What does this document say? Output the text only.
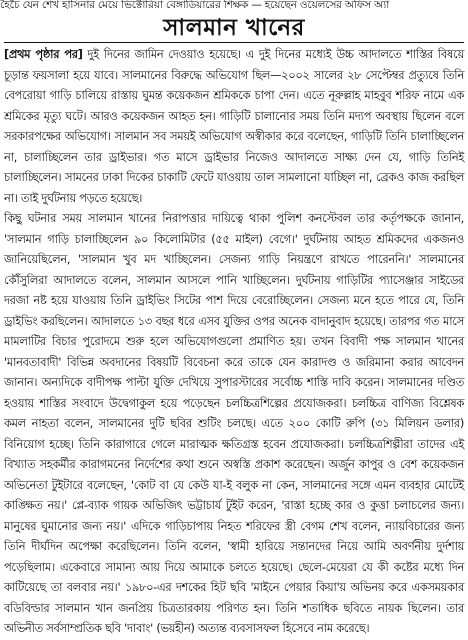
হৈচৈ যেন শেখ হাসিনার মেয়ে ভিক্টোরিয়া বেঙ্গাডিয়ারের শিক্ষক — হয়েছেন ওয়েলসের অফিস অ্যা
সালমান খানের

[প্রথম পৃষ্ঠার পর] দুই দিনের জামিন দেওয়াও হয়েছে। এ দুই দিনের মধ্যেই উচ্চ আদালতে শাস্তির বিষয়ে চূড়ান্ত ফয়সালা হয়ে যাবে। সালমানের বিরুদ্ধে অভিযোগ ছিল—২০০২ সালের ২৮ সেপ্টেম্বর প্রত্যুষে তিনি বেপরোয়া গাড়ি চালিয়ে রাস্তায় ঘুমন্ত কয়েকজন শ্রমিককে চাপা দেন। এতে নূরুল্লাহ মাহবুব শরিফ নামে এক শ্রমিকের মৃত্যু ঘটে। আরও কয়েকজন আহত হন। গাড়িটি চালানোর সময় তিনি মদ্যপ অবস্থায় ছিলেন বলে সরকারপক্ষের অভিযোগ। সালমান সব সময়ই অভিযোগ অস্বীকার করে বলেছেন, গাড়িটি তিনি চালাচ্ছিলেন না, চালাচ্ছিলেন তার ড্রাইভার। গত মাসে ড্রাইভার নিজেও আদালতে সাক্ষ্য দেন যে, গাড়ি তিনিই চালাচ্ছিলেন। সামনের ঢাকা দিকের চাকাটি ফেটে যাওয়ায় তাল সামলানো যাচ্ছিল না, ব্রেকও কাজ করছিল না। তাই দুর্ঘটনায় পড়তে হয়েছে।

কিছু ঘটনার সময় সালমান খানের নিরাপত্তার দায়িত্বে থাকা পুলিশ কনস্টেবল তার কর্তৃপক্ষকে জানান, 'সালমান গাড়ি চালাচ্ছিলেন ৯০ কিলোমিটার (৫৫ মাইল) বেগে।' দুর্ঘটনায় আহত শ্রমিকদের একজনও জানিয়েছিলেন, 'সালমান খুব মদ খাচ্ছিলেন। সেজন্য গাড়ি নিয়ন্ত্রণে রাখতে পারেননি।' সালমানের কৌঁসুলিরা আদালতে বলেন, সালমান আসলে পানি খাচ্ছিলেন। দুর্ঘটনায় গাড়িটির প্যাসেঞ্জার সাইডের দরজা নষ্ট হয়ে যাওয়ায় তিনি ড্রাইভিং সিটের পাশ দিয়ে বেরোচ্ছিলেন। সেজন্য মনে হতে পারে যে, তিনি ড্রাইভিং করছিলেন। আদালতে ১৩ বছর ধরে এসব যুক্তির ওপর অনেক বাদানুবাদ হয়েছে। তারপর গত মাসে মামলাটির বিচার পুরোদমে শুরু হলে অভিযোগগুলো প্রমাণিত হয়। তখন বিবাদী পক্ষ সালমান খানের 'মানবতাবাদী' বিভিন্ন অবদানের বিষয়টি বিবেচনা করে তাকে যেন কারাদণ্ড ও জরিমানা করার আবেদন জানান। অন্যদিকে বাদীপক্ষ পাল্টা যুক্তি দেখিয়ে সুপারস্টারের সর্বোচ্চ শাস্তি দাবি করেন। সালমানের দণ্ডিত হওয়ায় শাস্তির সংবাদে উদ্বেগাকুল হয়ে পড়েছেন চলচ্চিত্রশিল্পের প্রযোজকরা। চলচ্চিত্র বাণিজ্য বিশ্লেষক কমল নাহতা বলেন, সালমানের দুটি ছবির শুটিং চলছে। এতে ২০০ কোটি রুপি (৩১ মিলিয়ন ডলার) বিনিয়োগ হচ্ছে। তিনি কারাগারে গেলে মারাত্মক ক্ষতিগ্রস্ত হবেন প্রযোজকরা। চলচ্চিত্রশিল্পীরা তাদের এই বিখ্যাত সহকর্মীর কারাগমনের নির্দেশের কথা শুনে অস্বস্তি প্রকাশ করেছেন। অর্জুন কাপুর ও বেশ কয়েকজন অভিনেতা টুইটারে বলেছেন, 'কোট বা যে কেউ যা-ই বলুক না কেন, সালমানের সঙ্গে এমন ব্যবহার মোটেই কাঙ্ক্ষিত নয়।' প্লে-ব্যাক গায়ক অভিজিৎ ভট্টাচার্য টুইট করেন, 'রাস্তা হচ্ছে কার ও কুত্তা চলাচলের জন্য। মানুষের ঘুমানোর জন্য নয়।' এদিকে গাড়িচাপায় নিহত শরিফের স্ত্রী বেগম শেখ বলেন, ন্যায়বিচারের জন্য তিনি দীর্ঘদিন অপেক্ষা করেছিলেন। তিনি বলেন, 'স্বামী হারিয়ে সন্তানদের নিয়ে আমি অবর্ণনীয় দুর্দশায় পড়েছিলাম। একেবারে সামান্য আয় দিয়ে আমাকে চলতে হয়েছে। ছেলে-মেয়েরা যে কী কষ্টের মধ্যে দিন কাটিয়েছে তা বলবার নয়।' ১৯৮০-এর দশকের হিট ছবি 'মাইনে পেয়ার কিয়া'য় অভিনয় করে একসময়কার বডিবিল্ডার সালমান খান জনপ্রিয় চিত্রতারকায় পরিণত হন। তিনি শতাধিক ছবিতে নায়ক ছিলেন। তার অভিনীত সর্বসাম্প্রতিক ছবি 'দাবাং' (ভয়হীন) অত্যন্ত ব্যবসাসফল হিসেবে নাম করেছে।
